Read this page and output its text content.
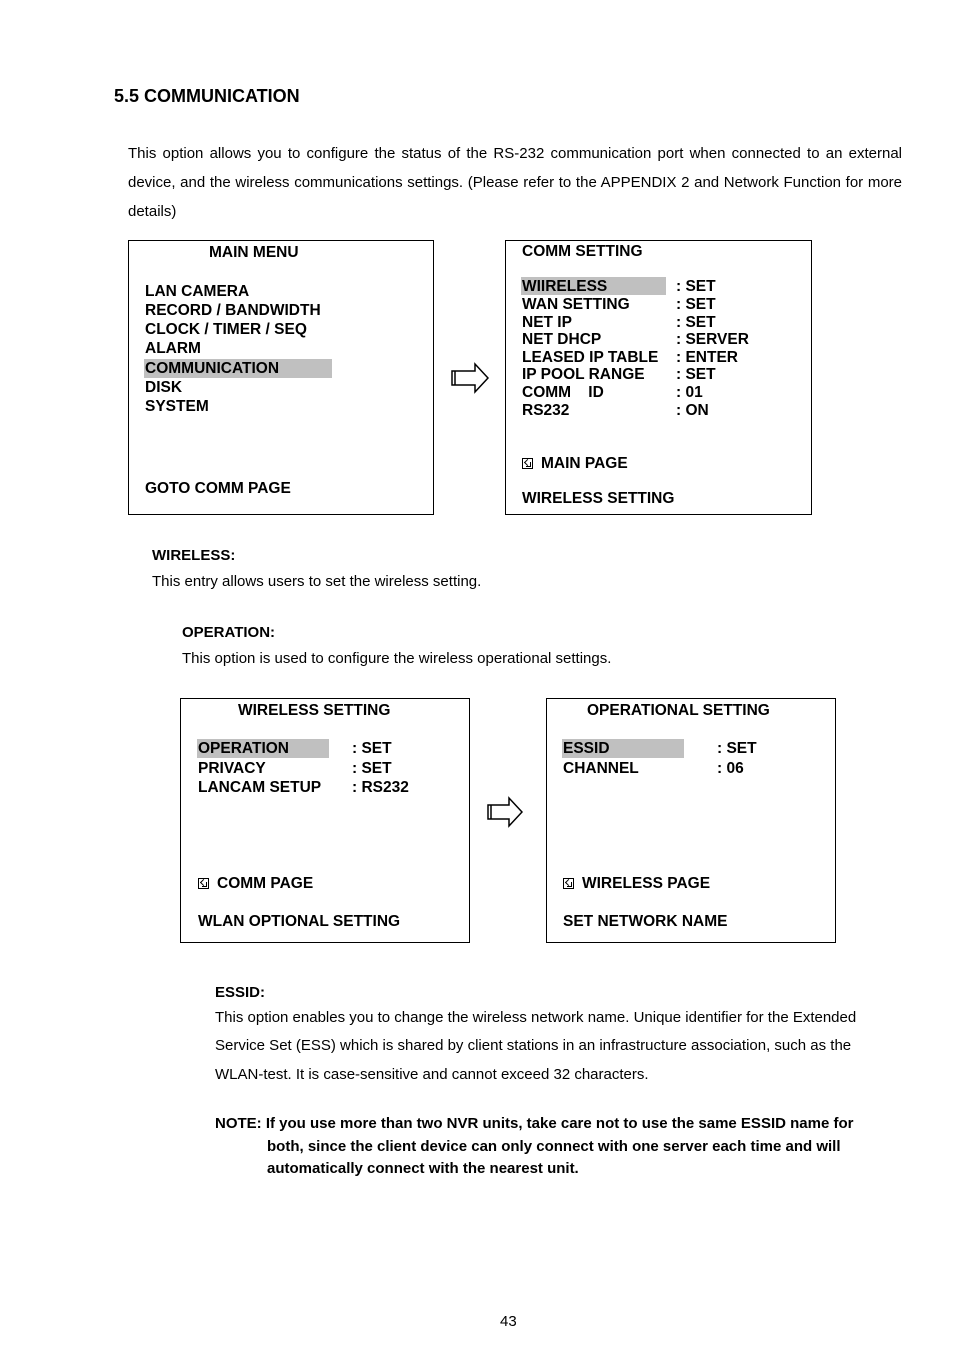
5.5 COMMUNICATION
This option allows you to configure the status of the RS-232 communication port when connected to an external device, and the wireless communications settings. (Please refer to the APPENDIX 2 and Network Function for more details)
MAIN MENU
LAN CAMERA
RECORD / BANDWIDTH
CLOCK / TIMER / SEQ
ALARM
COMMUNICATION
DISK
SYSTEM
GOTO COMM PAGE
COMM SETTING
WIIRELESS	: SET
WAN SETTING	: SET
NET IP	: SET
NET DHCP	: SERVER
LEASED IP TABLE : ENTER
IP POOL RANGE : SET
COMM    ID	: 01
RS232	: ON
MAIN PAGE
WIRELESS SETTING
WIRELESS:
This entry allows users to set the wireless setting.
OPERATION:
This option is used to configure the wireless operational settings.
WIRELESS SETTING
OPERATION	: SET
PRIVACY	: SET
LANCAM SETUP : RS232
COMM PAGE
WLAN OPTIONAL SETTING
OPERATIONAL SETTING
ESSID	: SET
CHANNEL	: 06
WIRELESS PAGE
SET NETWORK NAME
ESSID:
This option enables you to change the wireless network name. Unique identifier for the Extended
Service Set (ESS) which is shared by client stations in an infrastructure association, such as the
WLAN-test. It is case-sensitive and cannot exceed 32 characters.
NOTE: If you use more than two NVR units, take care not to use the same ESSID name for
both, since the client device can only connect with one server each time and will
automatically connect with the nearest unit.
43
